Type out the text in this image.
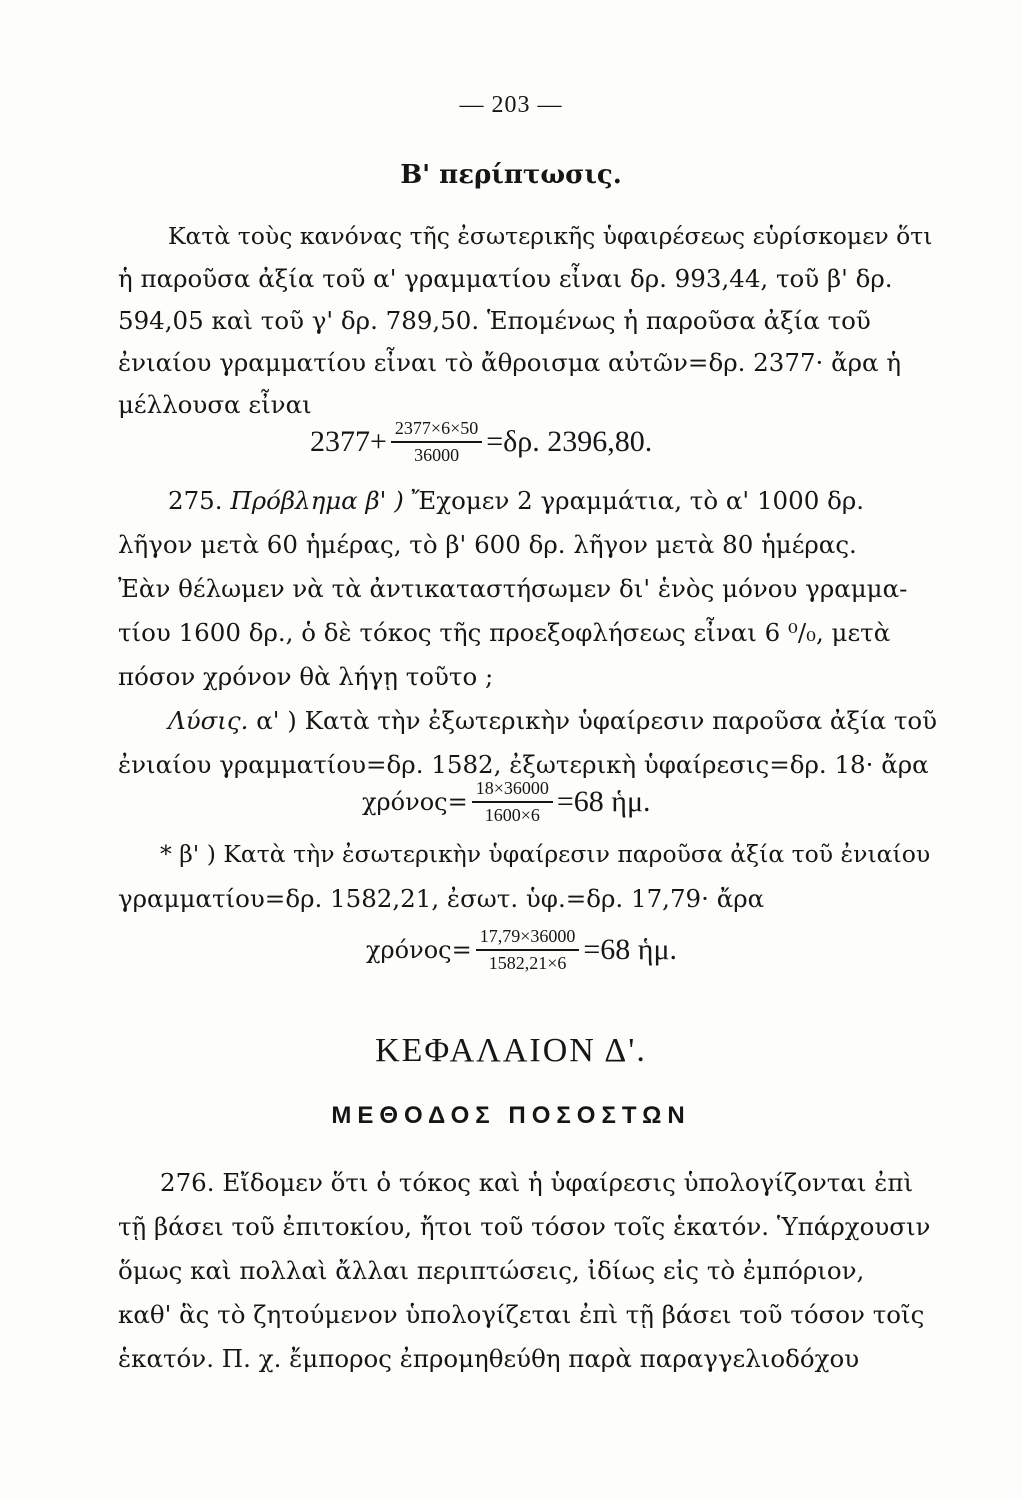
— 203 —
Β' περίπτωσις.
Κατὰ τοὺς κανόνας τῆς ἐσωτερικῆς ὑφαιρέσεως εὑρίσκομεν ὅτι
ἡ παροῦσα ἀξία τοῦ α' γραμματίου εἶναι δρ. 993,44, τοῦ β' δρ.
594,05 καὶ τοῦ γ' δρ. 789,50. Ἑπομένως ἡ παροῦσα ἀξία τοῦ
ἐνιαίου γραμματίου εἶναι τὸ ἄθροισμα αὐτῶν=δρ. 2377· ἄρα ἡ
μέλλουσα εἶναι
$2377+ \frac{2377\times 6\times 50}{36000} =\delta\rho$. 2396,80.
275. Πρόβλημα β' ) Ἔχομεν 2 γραμμάτια, τὸ α' 1000 δρ.
λῆγον μετὰ 60 ἡμέρας, τὸ β' 600 δρ. λῆγον μετὰ 80 ἡμέρας.
Ἐὰν θέλωμεν νὰ τὰ ἀντικαταστήσωμεν δι' ἑνὸς μόνου γραμμα-
τίου 1600 δρ., ὁ δὲ τόκος τῆς προεξοφλήσεως εἶναι 6 ⁰/₀, μετὰ
πόσον χρόνον θὰ λήγῃ τοῦτο ;
Λύσις. α' ) Κατὰ τὴν ἐξωτερικὴν ὑφαίρεσιν παροῦσα ἀξία τοῦ
ἐνιαίου γραμματίου=δρ. 1582, ἐξωτερικὴ ὑφαίρεσις=δρ. 18· ἄρα
$\chi\rho ό\nu o\varsigma= \frac{18\times 36000}{1600\times 6} =68$ ἡμ.
* β' ) Κατὰ τὴν ἐσωτερικὴν ὑφαίρεσιν παροῦσα ἀξία τοῦ ἐνιαίου
γραμματίου=δρ. 1582,21, ἐσωτ. ὑφ.=δρ. 17,79· ἄρα
$\chi\rho ό\nu o\varsigma= \frac{17,79\times 36000}{1582,21\times 6} =68$ ἡμ.
ΚΕΦΑΛΑΙΟΝ Δ'.
ΜΕΘΟΔΟΣ ΠΟΣΟΣΤΩΝ
276. Εἴδομεν ὅτι ὁ τόκος καὶ ἡ ὑφαίρεσις ὑπολογίζονται ἐπὶ
τῇ βάσει τοῦ ἐπιτοκίου, ἤτοι τοῦ τόσον τοῖς ἑκατόν. Ὑπάρχουσιν
ὅμως καὶ πολλαὶ ἄλλαι περιπτώσεις, ἰδίως εἰς τὸ ἐμπόριον,
καθ' ἃς τὸ ζητούμενον ὑπολογίζεται ἐπὶ τῇ βάσει τοῦ τόσον τοῖς
ἑκατόν. Π. χ. ἔμπορος ἐπρομηθεύθη παρὰ παραγγελιοδόχου
